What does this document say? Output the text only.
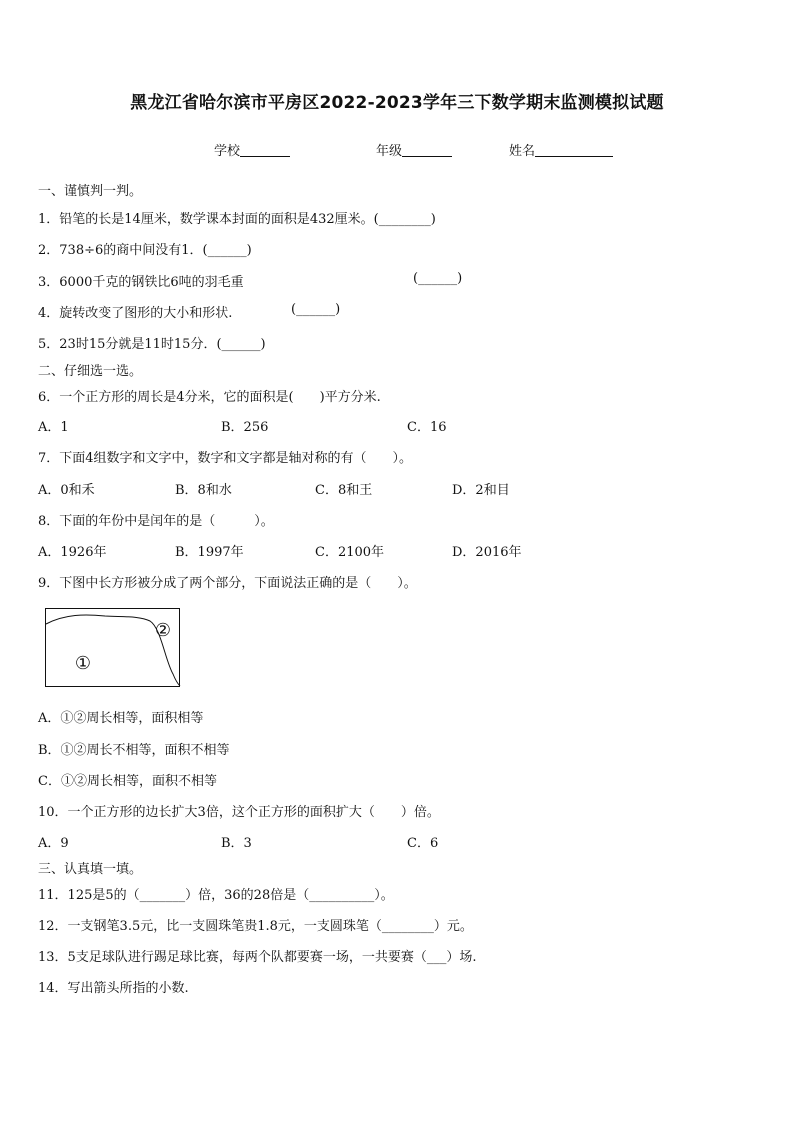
黑龙江省哈尔滨市平房区2022-2023学年三下数学期末监测模拟试题
学校	年级	姓名
一、谨慎判一判。
1．铅笔的长是14厘米，数学课本封面的面积是432厘米。(________)
2．738÷6的商中间没有1．(______)
3．6000千克的钢铁比6吨的羽毛重	(______)
4．旋转改变了图形的大小和形状.	(______)
5．23时15分就是11时15分．(______)
二、仔细选一选。
6．一个正方形的周长是4分米，它的面积是(　　)平方分米.
A．1	B．256	C．16
7．下面4组数字和文字中，数字和文字都是轴对称的有（　　）。
A．0和禾	B．8和水	C．8和王	D．2和目
8．下面的年份中是闰年的是（　　　）。
A．1926年	B．1997年	C．2100年	D．2016年
9．下图中长方形被分成了两个部分，下面说法正确的是（　　）。
①
②
A．①②周长相等，面积相等
B．①②周长不相等，面积不相等
C．①②周长相等，面积不相等
10．一个正方形的边长扩大3倍，这个正方形的面积扩大（　　）倍。
A．9	B．3	C．6
三、认真填一填。
11．125是5的（_______）倍，36的28倍是（__________）。
12．一支钢笔3.5元，比一支圆珠笔贵1.8元，一支圆珠笔（________）元。
13．5支足球队进行踢足球比赛，每两个队都要赛一场，一共要赛（___）场.
14．写出箭头所指的小数.
